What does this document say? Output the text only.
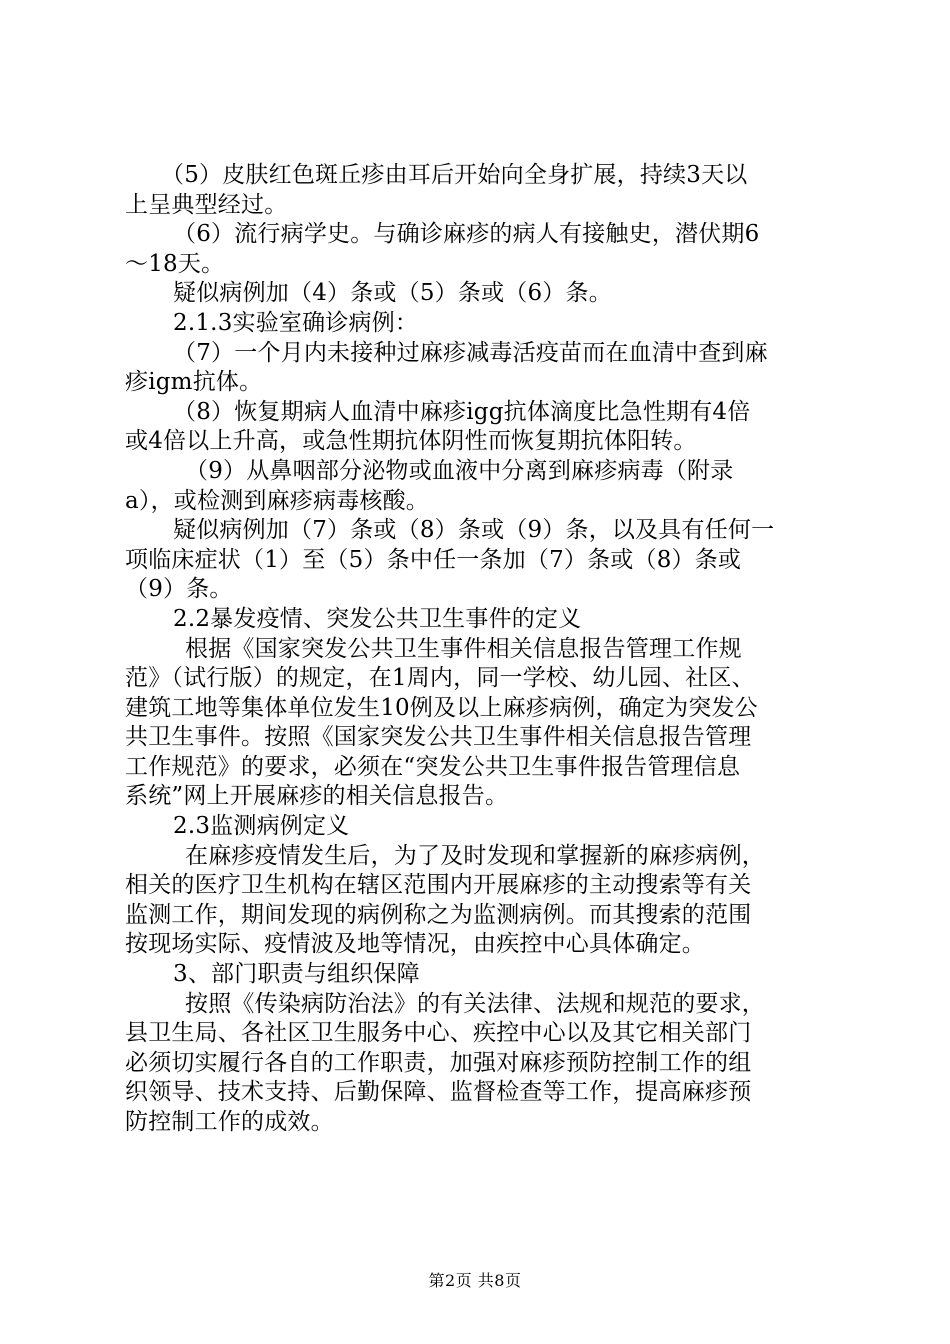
（5）皮肤红色斑丘疹由耳后开始向全身扩展，持续3天以
上呈典型经过。
（6）流行病学史。与确诊麻疹的病人有接触史，潜伏期6
～18天。
疑似病例加（4）条或（5）条或（6）条。
2.1.3实验室确诊病例：
（7）一个月内未接种过麻疹减毒活疫苗而在血清中查到麻
疹igm抗体。
（8）恢复期病人血清中麻疹igg抗体滴度比急性期有4倍
或4倍以上升高，或急性期抗体阴性而恢复期抗体阳转。
（9）从鼻咽部分泌物或血液中分离到麻疹病毒（附录
a），或检测到麻疹病毒核酸。
疑似病例加（7）条或（8）条或（9）条，以及具有任何一
项临床症状（1）至（5）条中任一条加（7）条或（8）条或
（9）条。
2.2暴发疫情、突发公共卫生事件的定义
根据《国家突发公共卫生事件相关信息报告管理工作规
范》（试行版）的规定，在1周内，同一学校、幼儿园、社区、
建筑工地等集体单位发生10例及以上麻疹病例，确定为突发公
共卫生事件。按照《国家突发公共卫生事件相关信息报告管理
工作规范》的要求，必须在“突发公共卫生事件报告管理信息
系统”网上开展麻疹的相关信息报告。
2.3监测病例定义
在麻疹疫情发生后，为了及时发现和掌握新的麻疹病例，
相关的医疗卫生机构在辖区范围内开展麻疹的主动搜索等有关
监测工作，期间发现的病例称之为监测病例。而其搜索的范围
按现场实际、疫情波及地等情况，由疾控中心具体确定。
3、部门职责与组织保障
按照《传染病防治法》的有关法律、法规和规范的要求，
县卫生局、各社区卫生服务中心、疾控中心以及其它相关部门
必须切实履行各自的工作职责，加强对麻疹预防控制工作的组
织领导、技术支持、后勤保障、监督检查等工作，提高麻疹预
防控制工作的成效。
第2页 共8页
